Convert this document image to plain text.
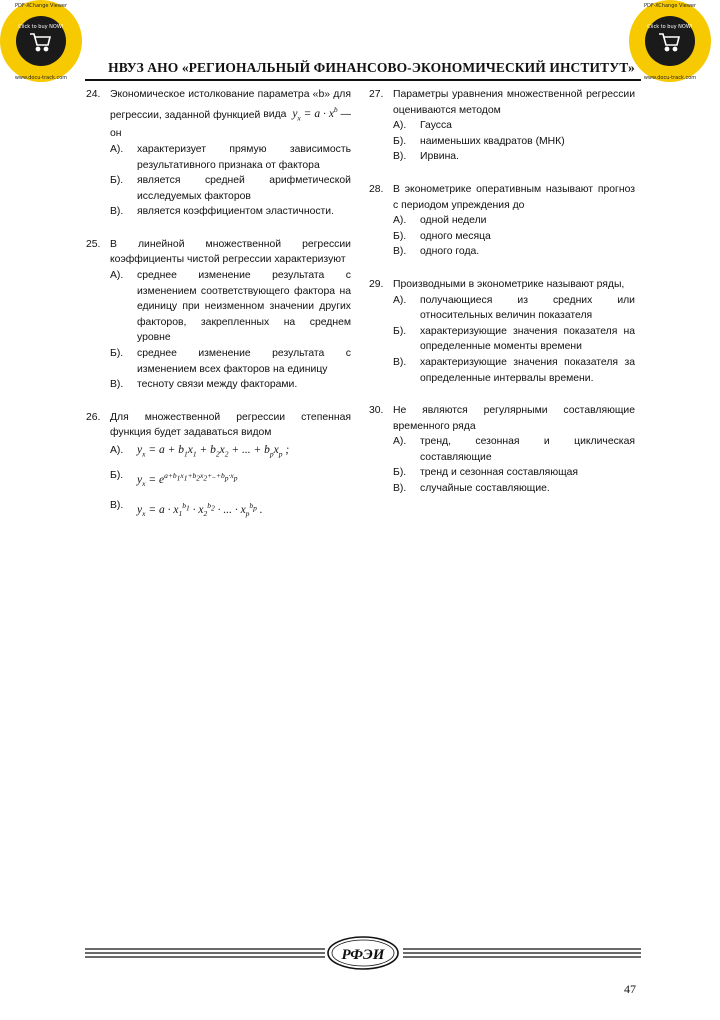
Click to buy NOW!
PDF-XChange Viewer
www.docu-track.com
Click to buy NOW!
PDF-XChange Viewer
www.docu-track.com
НВУЗ АНО «РЕГИОНАЛЬНЫЙ ФИНАНСОВО-ЭКОНОМИЧЕСКИЙ ИНСТИТУТ»
24. Экономическое истолкование параметра «b» для регрессии, заданной функцией вида $y_x = a \cdot x^b$ — он
А).	характеризует прямую зависимость результативного признака от фактора
Б).	является средней арифметической исследуемых факторов
В).	является коэффициентом эластичности.
25. В линейной множественной регрессии коэффициенты чистой регрессии характеризуют
А).	среднее изменение результата с изменением соответствующего фактора на единицу при неизменном значении других факторов, закрепленных на среднем уровне
Б).	среднее изменение результата с изменением всех факторов на единицу
В).	тесноту связи между факторами.
26. Для множественной регрессии степенная функция будет задаваться видом
А).	$y_x = a + b_1x_1 + b_2x_2$ + ... + $b_px_p$ ;
Б).	$y_x = e^{a+b_1x_1+b_2x_2+..+b_p\cdot x_p}$
В).	$y_x = a \cdot x_1^{b_1} \cdot x_2^{b_2}$ · ... · $x_p^{b_p}$ .
27. Параметры уравнения множественной регрессии оцениваются методом
А).	Гаусса
Б).	наименьших квадратов (МНК)
В).	Ирвина.
28. В эконометрике оперативным называют прогноз с периодом упреждения до
А).	одной недели
Б).	одного месяца
В).	одного года.
29. Производными в эконометрике называют ряды,
А).	получающиеся из средних или относительных величин показателя
Б).	характеризующие значения показателя на определенные моменты времени
В).	характеризующие значения показателя за определенные интервалы времени.
30. Не являются регулярными составляющие временного ряда
А).	тренд, сезонная и циклическая составляющие
Б).	тренд и сезонная составляющая
В).	случайные составляющие.
РФЭИ
47
